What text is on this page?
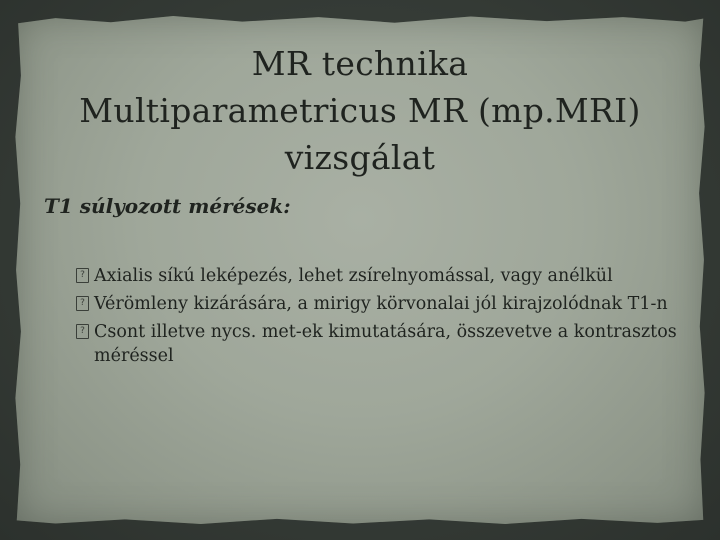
MR technika
Multiparametricus MR (mp.MRI)
vizsgálat

T1 súlyozott mérések:

? Axialis síkú leképezés, lehet zsírelnyomással, vagy anélkül
? Vérömleny kizárására, a mirigy körvonalai jól kirajzolódnak T1-n
? Csont illetve nycs. met-ek kimutatására, összevetve a kontrasztos méréssel
